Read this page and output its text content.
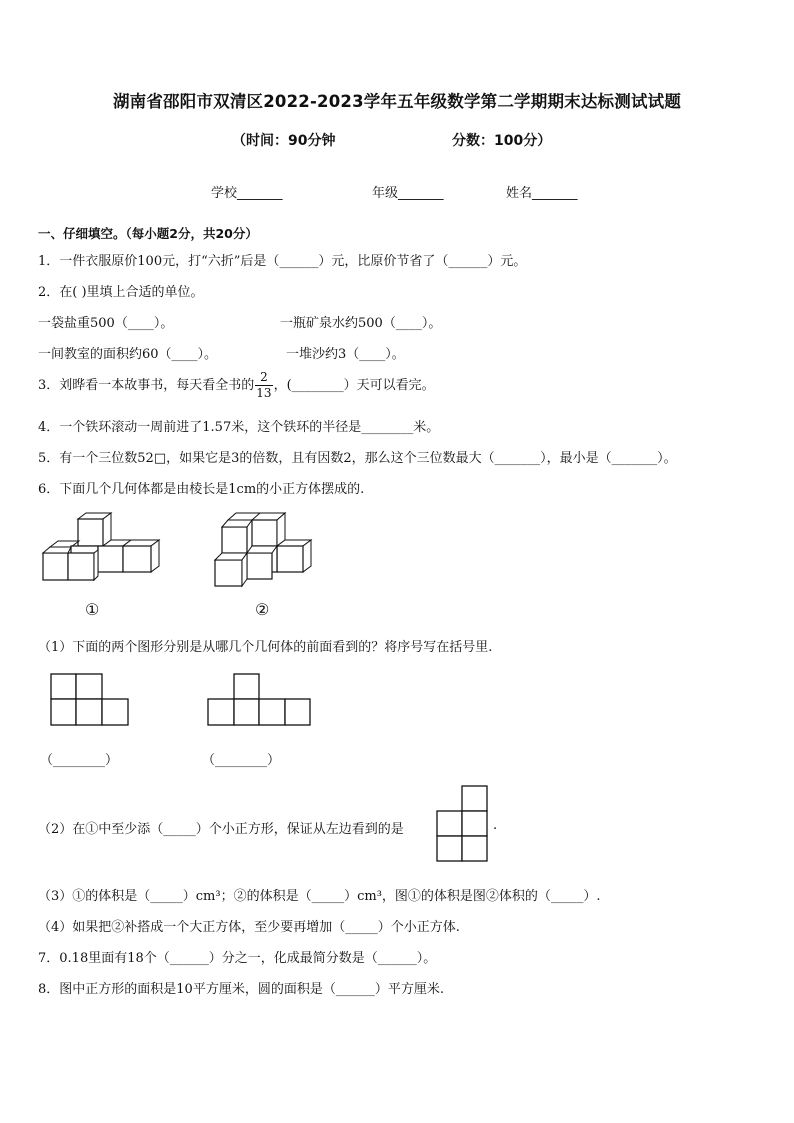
湖南省邵阳市双清区2022-2023学年五年级数学第二学期期末达标测试试题
（时间：90分钟	分数：100分）
学校_______	年级_______	姓名_______
一、仔细填空。（每小题2分，共20分）
1．一件衣服原价100元，打“六折”后是（______）元，比原价节省了（______）元。
2．在( )里填上合适的单位。
一袋盐重500（____）。	一瓶矿泉水约500（____）。
一间教室的面积约60（____）。	一堆沙约3（____）。
3．刘晔看一本故事书，每天看全书的 $\frac{2}{13}$ ，(________）天可以看完。
4．一个铁环滚动一周前进了1.57米，这个铁环的半径是________米。
5．有一个三位数52□，如果它是3的倍数，且有因数2，那么这个三位数最大（_______），最小是（_______）。
6．下面几个几何体都是由棱长是1cm的小正方体摆成的.
①	②
（1）下面的两个图形分别是从哪几个几何体的前面看到的？将序号写在括号里.
（________）	（________）
（2）在①中至少添（_____）个小正方形，保证从左边看到的是	.
（3）①的体积是（_____）cm³；②的体积是（_____）cm³，图①的体积是图②体积的（_____）.
（4）如果把②补搭成一个大正方体，至少要再增加（_____）个小正方体.
7．0.18里面有18个（______）分之一，化成最简分数是（______）。
8．图中正方形的面积是10平方厘米，圆的面积是（______）平方厘米.
